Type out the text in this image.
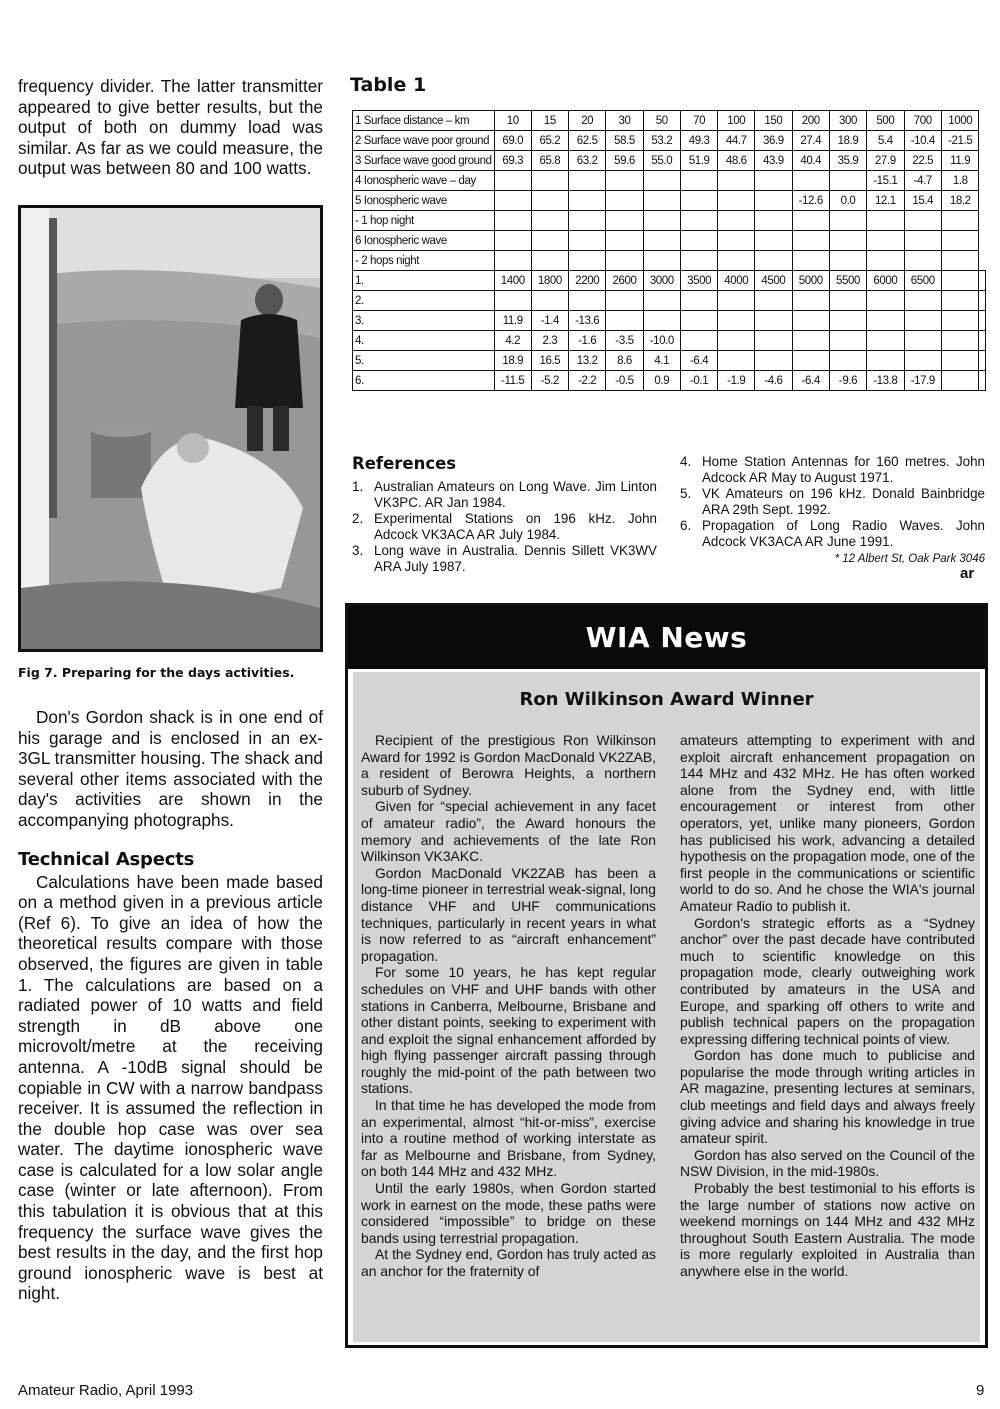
frequency divider. The latter transmitter appeared to give better results, but the output of both on dummy load was similar. As far as we could measure, the output was between 80 and 100 watts.

Fig 7. Preparing for the days activities.

Don's Gordon shack is in one end of his garage and is enclosed in an ex-3GL transmitter housing. The shack and several other items associated with the day's activities are shown in the accompanying photographs.

Technical Aspects

Calculations have been made based on a method given in a previous article (Ref 6). To give an idea of how the theoretical results compare with those observed, the figures are given in table 1. The calculations are based on a radiated power of 10 watts and field strength in dB above one microvolt/metre at the receiving antenna. A -10dB signal should be copiable in CW with a narrow bandpass receiver. It is assumed the reflection in the double hop case was over sea water. The daytime ionospheric wave case is calculated for a low solar angle case (winter or late afternoon). From this tabulation it is obvious that at this frequency the surface wave gives the best results in the day, and the first hop ground ionospheric wave is best at night.

Table 1
1 Surface distance – km	10	15	20	30	50	70	100	150	200	300	500	700	1000	
2 Surface wave poor ground	69.0	65.2	62.5	58.5	53.2	49.3	44.7	36.9	27.4	18.9	5.4	-10.4	-21.5	
3 Surface wave good ground	69.3	65.8	63.2	59.6	55.0	51.9	48.6	43.9	40.4	35.9	27.9	22.5	11.9	
4 Ionospheric wave – day											-15.1	-4.7	1.8	
5 Ionospheric wave									-12.6	0.0	12.1	15.4	18.2	
- 1 hop night														
6 Ionospheric wave														
- 2 hops night														
1.	1400	1800	2200	2600	3000	3500	4000	4500	5000	5500	6000	6500		
2.														
3.	11.9	-1.4	-13.6											
4.	4.2	2.3	-1.6	-3.5	-10.0									
5.	18.9	16.5	13.2	8.6	4.1	-6.4								
6.	-11.5	-5.2	-2.2	-0.5	0.9	-0.1	-1.9	-4.6	-6.4	-9.6	-13.8	-17.9		
References
1. Australian Amateurs on Long Wave. Jim Linton VK3PC. AR Jan 1984.
2. Experimental Stations on 196 kHz. John Adcock VK3ACA AR July 1984.
3. Long wave in Australia. Dennis Sillett VK3WV ARA July 1987.
4. Home Station Antennas for 160 metres. John Adcock AR May to August 1971.
5. VK Amateurs on 196 kHz. Donald Bainbridge ARA 29th Sept. 1992.
6. Propagation of Long Radio Waves. John Adcock VK3ACA AR June 1991.
* 12 Albert St, Oak Park 3046
ar
WIA News
Ron Wilkinson Award Winner

Recipient of the prestigious Ron Wilkinson Award for 1992 is Gordon MacDonald VK2ZAB, a resident of Berowra Heights, a northern suburb of Sydney.

Given for “special achievement in any facet of amateur radio”, the Award honours the memory and achievements of the late Ron Wilkinson VK3AKC.

Gordon MacDonald VK2ZAB has been a long-time pioneer in terrestrial weak-signal, long distance VHF and UHF communications techniques, particularly in recent years in what is now referred to as “aircraft enhancement” propagation.

For some 10 years, he has kept regular schedules on VHF and UHF bands with other stations in Canberra, Melbourne, Brisbane and other distant points, seeking to experiment with and exploit the signal enhancement afforded by high flying passenger aircraft passing through roughly the mid-point of the path between two stations.

In that time he has developed the mode from an experimental, almost “hit-or-miss”, exercise into a routine method of working interstate as far as Melbourne and Brisbane, from Sydney, on both 144 MHz and 432 MHz.

Until the early 1980s, when Gordon started work in earnest on the mode, these paths were considered “impossible” to bridge on these bands using terrestrial propagation.

At the Sydney end, Gordon has truly acted as an anchor for the fraternity of

amateurs attempting to experiment with and exploit aircraft enhancement propagation on 144 MHz and 432 MHz. He has often worked alone from the Sydney end, with little encouragement or interest from other operators, yet, unlike many pioneers, Gordon has publicised his work, advancing a detailed hypothesis on the propagation mode, one of the first people in the communications or scientific world to do so. And he chose the WIA's journal Amateur Radio to publish it.

Gordon's strategic efforts as a “Sydney anchor” over the past decade have contributed much to scientific knowledge on this propagation mode, clearly outweighing work contributed by amateurs in the USA and Europe, and sparking off others to write and publish technical papers on the propagation expressing differing technical points of view.

Gordon has done much to publicise and popularise the mode through writing articles in AR magazine, presenting lectures at seminars, club meetings and field days and always freely giving advice and sharing his knowledge in true amateur spirit.

Gordon has also served on the Council of the NSW Division, in the mid-1980s.

Probably the best testimonial to his efforts is the large number of stations now active on weekend mornings on 144 MHz and 432 MHz throughout South Eastern Australia. The mode is more regularly exploited in Australia than anywhere else in the world.

Amateur Radio, April 1993	9
